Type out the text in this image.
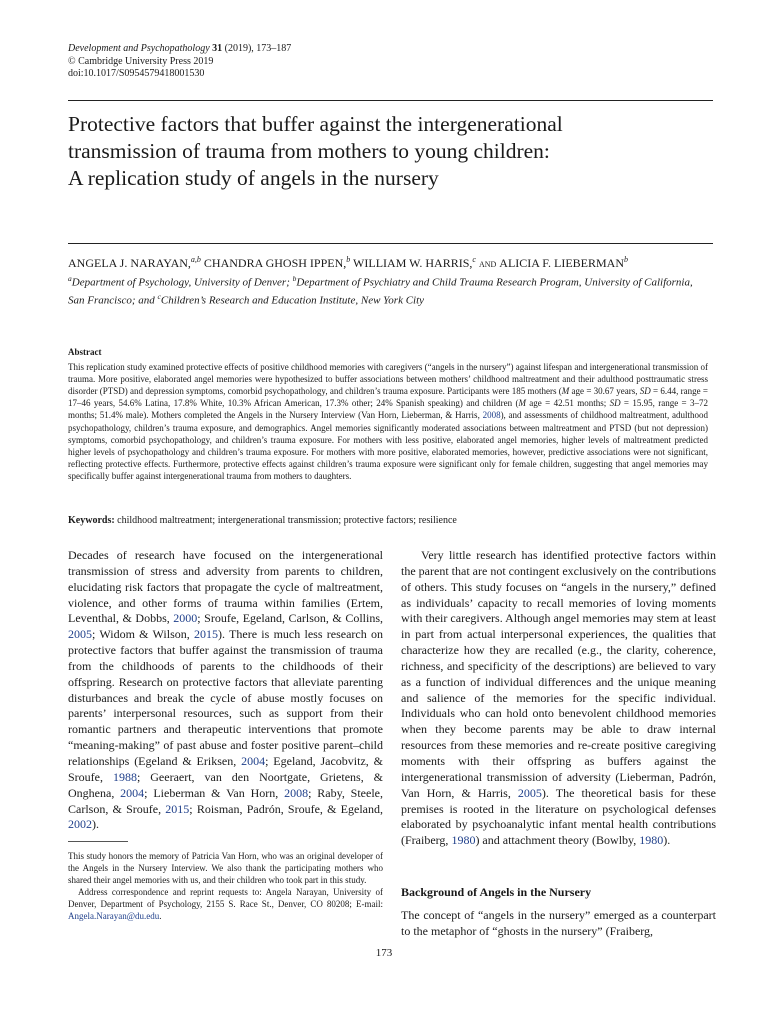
Development and Psychopathology 31 (2019), 173–187
© Cambridge University Press 2019
doi:10.1017/S0954579418001530
Protective factors that buffer against the intergenerational
transmission of trauma from mothers to young children:
A replication study of angels in the nursery
ANGELA J. NARAYAN,$^{a,b}$ CHANDRA GHOSH IPPEN,$^b$ WILLIAM W. HARRIS,$^c$ and ALICIA F. LIEBERMAN$^b$
$^a$Department of Psychology, University of Denver; $^b$Department of Psychiatry and Child Trauma Research Program, University of California, San Francisco; and $^c$Children’s Research and Education Institute, New York City
Abstract

This replication study examined protective effects of positive childhood memories with caregivers (“angels in the nursery”) against lifespan and intergenerational transmission of trauma. More positive, elaborated angel memories were hypothesized to buffer associations between mothers’ childhood maltreatment and their adulthood posttraumatic stress disorder (PTSD) and depression symptoms, comorbid psychopathology, and children’s trauma exposure. Participants were 185 mothers (M age = 30.67 years, SD = 6.44, range = 17–46 years, 54.6% Latina, 17.8% White, 10.3% African American, 17.3% other; 24% Spanish speaking) and children (M age = 42.51 months; SD = 15.95, range = 3–72 months; 51.4% male). Mothers completed the Angels in the Nursery Interview (Van Horn, Lieberman, & Harris, 2008), and assessments of childhood maltreatment, adulthood psychopathology, children’s trauma exposure, and demographics. Angel memories significantly moderated associations between maltreatment and PTSD (but not depression) symptoms, comorbid psychopathology, and children’s trauma exposure. For mothers with less positive, elaborated angel memories, higher levels of maltreatment predicted higher levels of psychopathology and children’s trauma exposure. For mothers with more positive, elaborated memories, however, predictive associations were not significant, reflecting protective effects. Furthermore, protective effects against children’s trauma exposure were significant only for female children, suggesting that angel memories may specifically buffer against intergenerational trauma from mothers to daughters.

Keywords: childhood maltreatment; intergenerational transmission; protective factors; resilience

Decades of research have focused on the intergenerational transmission of stress and adversity from parents to children, elucidating risk factors that propagate the cycle of maltreatment, violence, and other forms of trauma within families (Ertem, Leventhal, & Dobbs, 2000; Sroufe, Egeland, Carlson, & Collins, 2005; Widom & Wilson, 2015). There is much less research on protective factors that buffer against the transmission of trauma from the childhoods of parents to the childhoods of their offspring. Research on protective factors that alleviate parenting disturbances and break the cycle of abuse mostly focuses on parents’ interpersonal resources, such as support from their romantic partners and therapeutic interventions that promote “meaning-making” of past abuse and foster positive parent–child relationships (Egeland & Eriksen, 2004; Egeland, Jacobvitz, & Sroufe, 1988; Geeraert, van den Noortgate, Grietens, & Onghena, 2004; Lieberman & Van Horn, 2008; Raby, Steele, Carlson, & Sroufe, 2015; Roisman, Padrón, Sroufe, & Egeland, 2002).

This study honors the memory of Patricia Van Horn, who was an original developer of the Angels in the Nursery Interview. We also thank the participating mothers who shared their angel memories with us, and their children who took part in this study.

Address correspondence and reprint requests to: Angela Narayan, University of Denver, Department of Psychology, 2155 S. Race St., Denver, CO 80208; E-mail: Angela.Narayan@du.edu.

Very little research has identified protective factors within the parent that are not contingent exclusively on the contributions of others. This study focuses on “angels in the nursery,” defined as individuals’ capacity to recall memories of loving moments with their caregivers. Although angel memories may stem at least in part from actual interpersonal experiences, the qualities that characterize how they are recalled (e.g., the clarity, coherence, richness, and specificity of the descriptions) are believed to vary as a function of individual differences and the unique meaning and salience of the memories for the specific individual. Individuals who can hold onto benevolent childhood memories when they become parents may be able to draw internal resources from these memories and re-create positive caregiving moments with their offspring as buffers against the intergenerational transmission of adversity (Lieberman, Padrón, Van Horn, & Harris, 2005). The theoretical basis for these premises is rooted in the literature on psychological defenses elaborated by psychoanalytic infant mental health contributions (Fraiberg, 1980) and attachment theory (Bowlby, 1980).

Background of Angels in the Nursery

The concept of “angels in the nursery” emerged as a counterpart to the metaphor of “ghosts in the nursery” (Fraiberg,

173
